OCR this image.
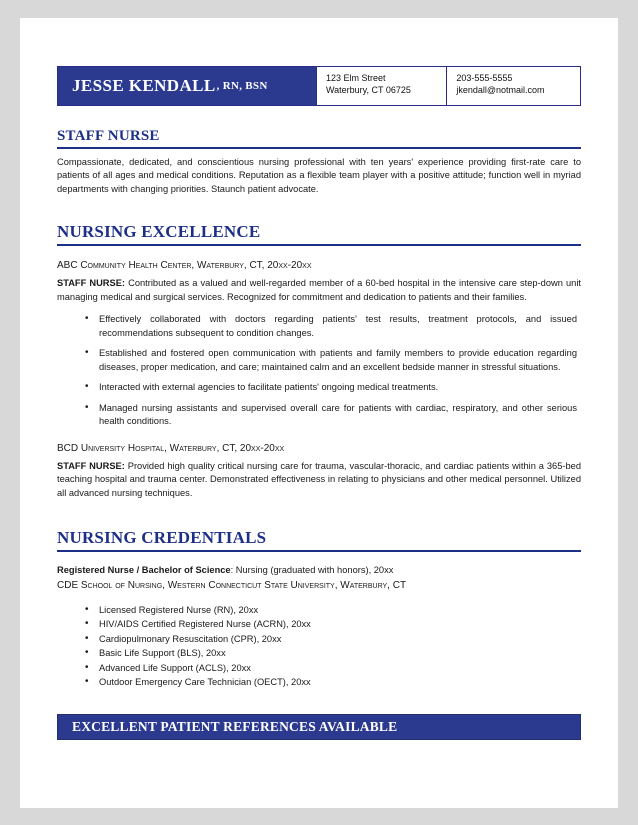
JESSE KENDALL , RN, BSN
123 Elm Street
Waterbury, CT 06725
203-555-5555
jkendall@notmail.com
STAFF NURSE
Compassionate, dedicated, and conscientious nursing professional with ten years' experience providing first-rate care to patients of all ages and medical conditions. Reputation as a flexible team player with a positive attitude; function well in myriad departments with changing priorities. Staunch patient advocate.
NURSING EXCELLENCE
ABC Community Health Center, Waterbury, CT, 20xx-20xx
STAFF NURSE: Contributed as a valued and well-regarded member of a 60-bed hospital in the intensive care step-down unit managing medical and surgical services. Recognized for commitment and dedication to patients and their families.
• Effectively collaborated with doctors regarding patients' test results, treatment protocols, and issued recommendations subsequent to condition changes.
• Established and fostered open communication with patients and family members to provide education regarding diseases, proper medication, and care; maintained calm and an excellent bedside manner in stressful situations.
• Interacted with external agencies to facilitate patients' ongoing medical treatments.
• Managed nursing assistants and supervised overall care for patients with cardiac, respiratory, and other serious health conditions.
BCD University Hospital, Waterbury, CT, 20xx-20xx
STAFF NURSE: Provided high quality critical nursing care for trauma, vascular-thoracic, and cardiac patients within a 365-bed teaching hospital and trauma center. Demonstrated effectiveness in relating to physicians and other medical personnel. Utilized all advanced nursing techniques.
NURSING CREDENTIALS
Registered Nurse / Bachelor of Science: Nursing (graduated with honors), 20xx
CDE School of Nursing, Western Connecticut State University, Waterbury, CT
• Licensed Registered Nurse (RN), 20xx
• HIV/AIDS Certified Registered Nurse (ACRN), 20xx
• Cardiopulmonary Resuscitation (CPR), 20xx
• Basic Life Support (BLS), 20xx
• Advanced Life Support (ACLS), 20xx
• Outdoor Emergency Care Technician (OECT), 20xx
EXCELLENT PATIENT REFERENCES AVAILABLE
